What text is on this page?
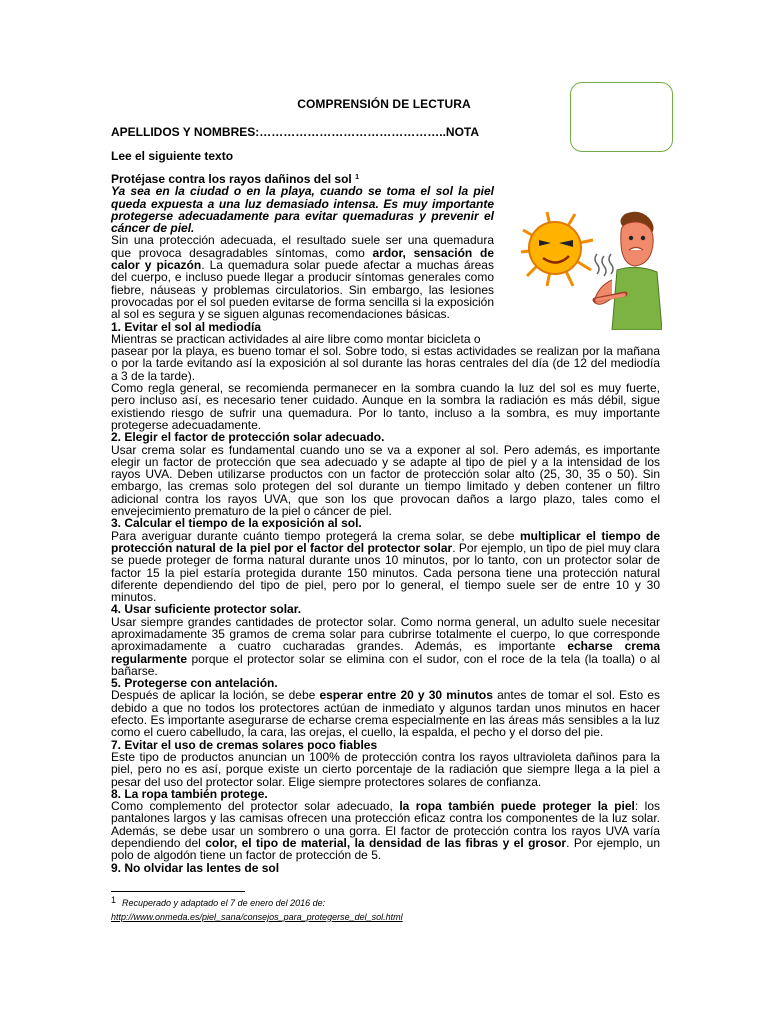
COMPRENSIÓN DE LECTURA
APELLIDOS Y NOMBRES:………………………………………..NOTA
Lee el siguiente texto

Protéjase contra los rayos dañinos del sol $^1$

Ya sea en la ciudad o en la playa, cuando se toma el sol la piel queda expuesta a una luz demasiado intensa. Es muy importante protegerse adecuadamente para evitar quemaduras y prevenir el cáncer de piel.

Sin una protección adecuada, el resultado suele ser una quemadura que provoca desagradables síntomas, como ardor, sensación de calor y picazón. La quemadura solar puede afectar a muchas áreas del cuerpo, e incluso puede llegar a producir síntomas generales como fiebre, náuseas y problemas circulatorios. Sin embargo, las lesiones provocadas por el sol pueden evitarse de forma sencilla si la exposición al sol es segura y se siguen algunas recomendaciones básicas.

1. Evitar el sol al mediodía

Mientras se practican actividades al aire libre como montar bicicleta o

pasear por la playa, es bueno tomar el sol. Sobre todo, si estas actividades se realizan por la mañana o por la tarde evitando así la exposición al sol durante las horas centrales del día (de 12 del mediodía a 3 de la tarde).

Como regla general, se recomienda permanecer en la sombra cuando la luz del sol es muy fuerte, pero incluso así, es necesario tener cuidado. Aunque en la sombra la radiación es más débil, sigue existiendo riesgo de sufrir una quemadura. Por lo tanto, incluso a la sombra, es muy importante protegerse adecuadamente.

2. Elegir el factor de protección solar adecuado.

Usar crema solar es fundamental cuando uno se va a exponer al sol. Pero además, es importante elegir un factor de protección que sea adecuado y se adapte al tipo de piel y a la intensidad de los rayos UVA. Deben utilizarse productos con un factor de protección solar alto (25, 30, 35 o 50). Sin embargo, las cremas solo protegen del sol durante un tiempo limitado y deben contener un filtro adicional contra los rayos UVA, que son los que provocan daños a largo plazo, tales como el envejecimiento prematuro de la piel o cáncer de piel.

3. Calcular el tiempo de la exposición al sol.

Para averiguar durante cuánto tiempo protegerá la crema solar, se debe multiplicar el tiempo de protección natural de la piel por el factor del protector solar. Por ejemplo, un tipo de piel muy clara se puede proteger de forma natural durante unos 10 minutos, por lo tanto, con un protector solar de factor 15 la piel estaría protegida durante 150 minutos. Cada persona tiene una protección natural diferente dependiendo del tipo de piel, pero por lo general, el tiempo suele ser de entre 10 y 30 minutos.

4. Usar suficiente protector solar.

Usar siempre grandes cantidades de protector solar. Como norma general, un adulto suele necesitar aproximadamente 35 gramos de crema solar para cubrirse totalmente el cuerpo, lo que corresponde aproximadamente a cuatro cucharadas grandes. Además, es importante echarse crema regularmente porque el protector solar se elimina con el sudor, con el roce de la tela (la toalla) o al bañarse.

5. Protegerse con antelación.

Después de aplicar la loción, se debe esperar entre 20 y 30 minutos antes de tomar el sol. Esto es debido a que no todos los protectores actúan de inmediato y algunos tardan unos minutos en hacer efecto. Es importante asegurarse de echarse crema especialmente en las áreas más sensibles a la luz como el cuero cabelludo, la cara, las orejas, el cuello, la espalda, el pecho y el dorso del pie.

7. Evitar el uso de cremas solares poco fiables

Este tipo de productos anuncian un 100% de protección contra los rayos ultravioleta dañinos para la piel, pero no es así, porque existe un cierto porcentaje de la radiación que siempre llega a la piel a pesar del uso del protector solar. Elige siempre protectores solares de confianza.

8. La ropa también protege.

Como complemento del protector solar adecuado, la ropa también puede proteger la piel: los pantalones largos y las camisas ofrecen una protección eficaz contra los componentes de la luz solar. Además, se debe usar un sombrero o una gorra. El factor de protección contra los rayos UVA varía dependiendo del color, el tipo de material, la densidad de las fibras y el grosor. Por ejemplo, un polo de algodón tiene un factor de protección de 5.

9. No olvidar las lentes de sol

1 Recuperado y adaptado el 7 de enero del 2016 de:
http://www.onmeda.es/piel_sana/consejos_para_protegerse_del_sol.html
